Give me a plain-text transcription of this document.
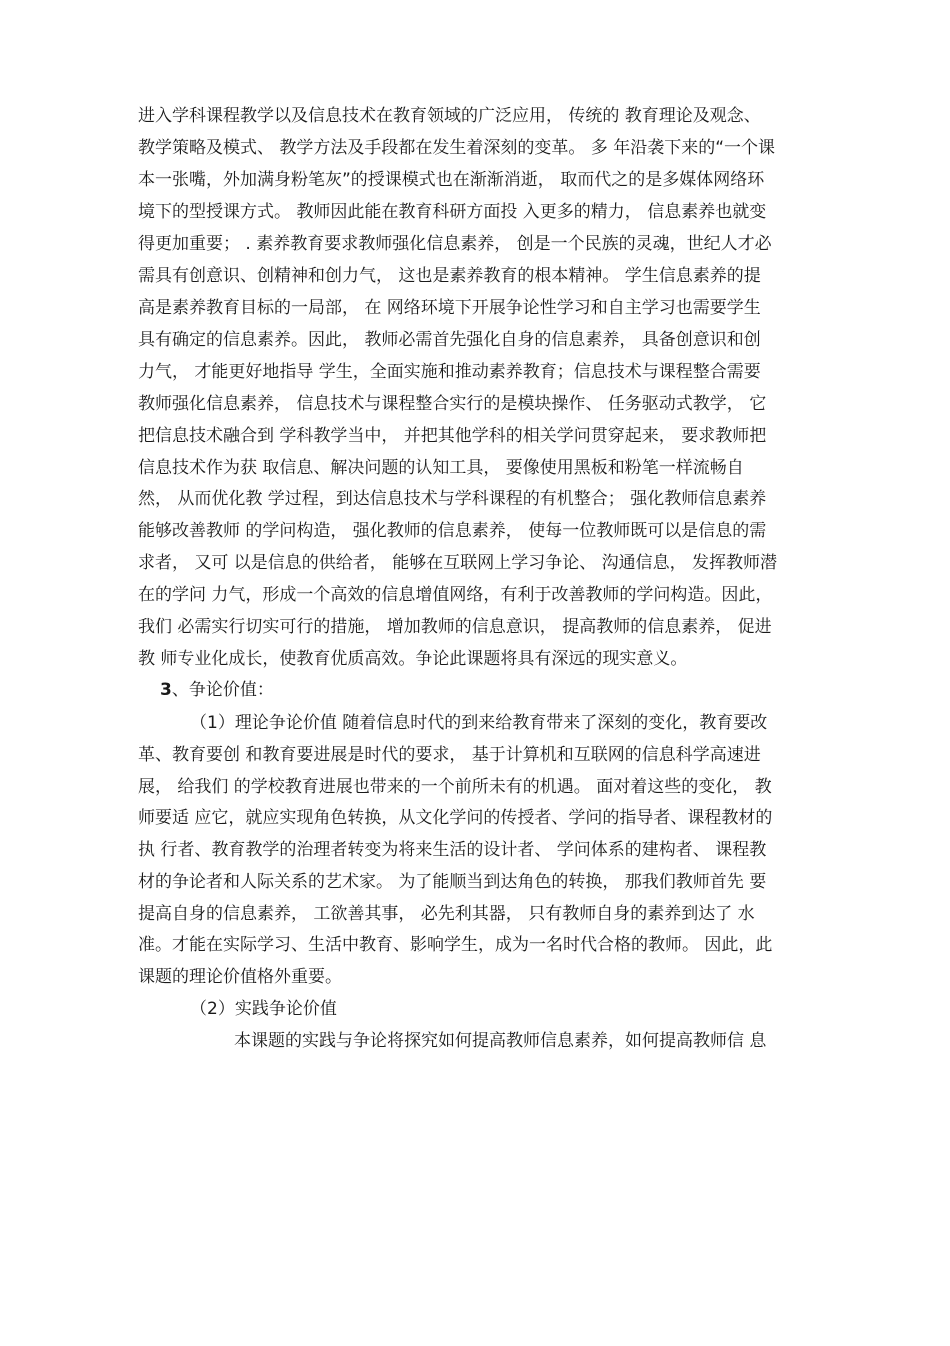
进入学科课程教学以及信息技术在教育领域的广泛应用， 传统的 教育理论及观念、
教学策略及模式、 教学方法及手段都在发生着深刻的变革。 多 年沿袭下来的“一个课
本一张嘴，外加满身粉笔灰”的授课模式也在渐渐消逝， 取而代之的是多媒体网络环
境下的型授课方式。 教师因此能在教育科研方面投 入更多的精力， 信息素养也就变
得更加重要； . 素养教育要求教师强化信息素养， 创是一个民族的灵魂，世纪人才必
需具有创意识、创精神和创力气， 这也是素养教育的根本精神。 学生信息素养的提
高是素养教育目标的一局部， 在 网络环境下开展争论性学习和自主学习也需要学生
具有确定的信息素养。因此， 教师必需首先强化自身的信息素养， 具备创意识和创
力气， 才能更好地指导 学生，全面实施和推动素养教育；信息技术与课程整合需要
教师强化信息素养， 信息技术与课程整合实行的是模块操作、 任务驱动式教学， 它
把信息技术融合到 学科教学当中， 并把其他学科的相关学问贯穿起来， 要求教师把
信息技术作为获 取信息、解决问题的认知工具， 要像使用黑板和粉笔一样流畅自
然， 从而优化教 学过程，到达信息技术与学科课程的有机整合； 强化教师信息素养
能够改善教师 的学问构造， 强化教师的信息素养， 使每一位教师既可以是信息的需
求者， 又可 以是信息的供给者， 能够在互联网上学习争论、 沟通信息， 发挥教师潜
在的学问 力气，形成一个高效的信息增值网络，有利于改善教师的学问构造。因此，
我们 必需实行切实可行的措施， 增加教师的信息意识， 提高教师的信息素养， 促进
教 师专业化成长，使教育优质高效。争论此课题将具有深远的现实意义。
3、争论价值：
（1）理论争论价值 随着信息时代的到来给教育带来了深刻的变化，教育要改
革、教育要创 和教育要进展是时代的要求， 基于计算机和互联网的信息科学高速进
展， 给我们 的学校教育进展也带来的一个前所未有的机遇。 面对着这些的变化， 教
师要适 应它，就应实现角色转换，从文化学问的传授者、学问的指导者、课程教材的
执 行者、教育教学的治理者转变为将来生活的设计者、 学问体系的建构者、 课程教
材的争论者和人际关系的艺术家。 为了能顺当到达角色的转换， 那我们教师首先 要
提高自身的信息素养， 工欲善其事， 必先利其器， 只有教师自身的素养到达了 水
准。才能在实际学习、生活中教育、影响学生，成为一名时代合格的教师。 因此，此
课题的理论价值格外重要。
（2）实践争论价值
本课题的实践与争论将探究如何提高教师信息素养，如何提高教师信 息
